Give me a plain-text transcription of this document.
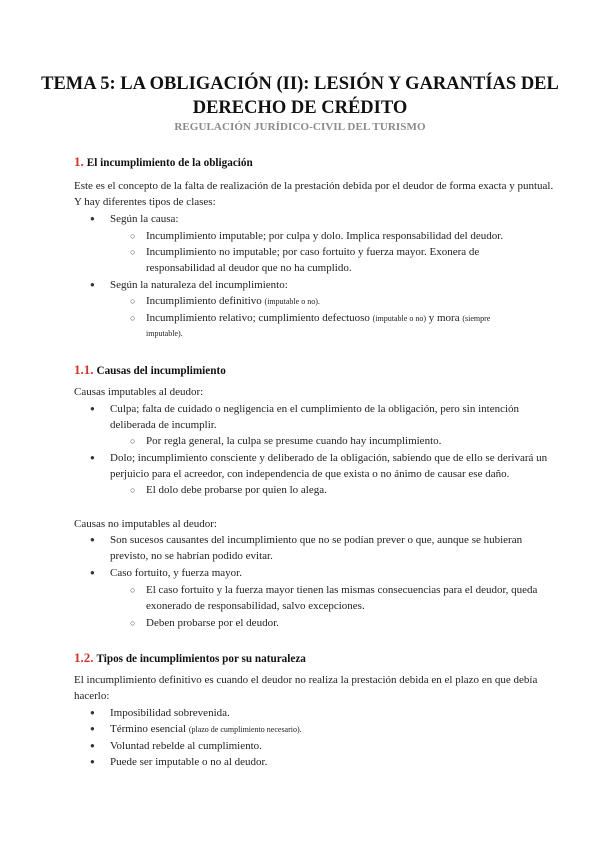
TEMA 5: LA OBLIGACIÓN (II): LESIÓN Y GARANTÍAS DEL
DERECHO DE CRÉDITO
REGULACIÓN JURÍDICO-CIVIL DEL TURISMO
1. El incumplimiento de la obligación
Este es el concepto de la falta de realización de la prestación debida por el deudor de forma exacta y puntual.
Y hay diferentes tipos de clases:
● Según la causa:
○ Incumplimiento imputable; por culpa y dolo. Implica responsabilidad del deudor.
○ Incumplimiento no imputable; por caso fortuito y fuerza mayor. Exonera de
responsabilidad al deudor que no ha cumplido.
● Según la naturaleza del incumplimiento:
○ Incumplimiento definitivo (imputable o no).
○ Incumplimiento relativo; cumplimiento defectuoso (imputable o no) y mora (siempre
imputable).
1.1. Causas del incumplimiento
Causas imputables al deudor:
● Culpa; falta de cuidado o negligencia en el cumplimiento de la obligación, pero sin intención
deliberada de incumplir.
○ Por regla general, la culpa se presume cuando hay incumplimiento.
● Dolo; incumplimiento consciente y deliberado de la obligación, sabiendo que de ello se derivará un
perjuicio para el acreedor, con independencia de que exista o no ánimo de causar ese daño.
○ El dolo debe probarse por quien lo alega.
Causas no imputables al deudor:
● Son sucesos causantes del incumplimiento que no se podían prever o que, aunque se hubieran
previsto, no se habrían podido evitar.
● Caso fortuito, y fuerza mayor.
○ El caso fortuito y la fuerza mayor tienen las mismas consecuencias para el deudor, queda
exonerado de responsabilidad, salvo excepciones.
○ Deben probarse por el deudor.
1.2. Tipos de incumplimientos por su naturaleza
El incumplimiento definitivo es cuando el deudor no realiza la prestación debida en el plazo en que debía
hacerlo:
● Imposibilidad sobrevenida.
● Término esencial (plazo de cumplimiento necesario).
● Voluntad rebelde al cumplimiento.
● Puede ser imputable o no al deudor.
